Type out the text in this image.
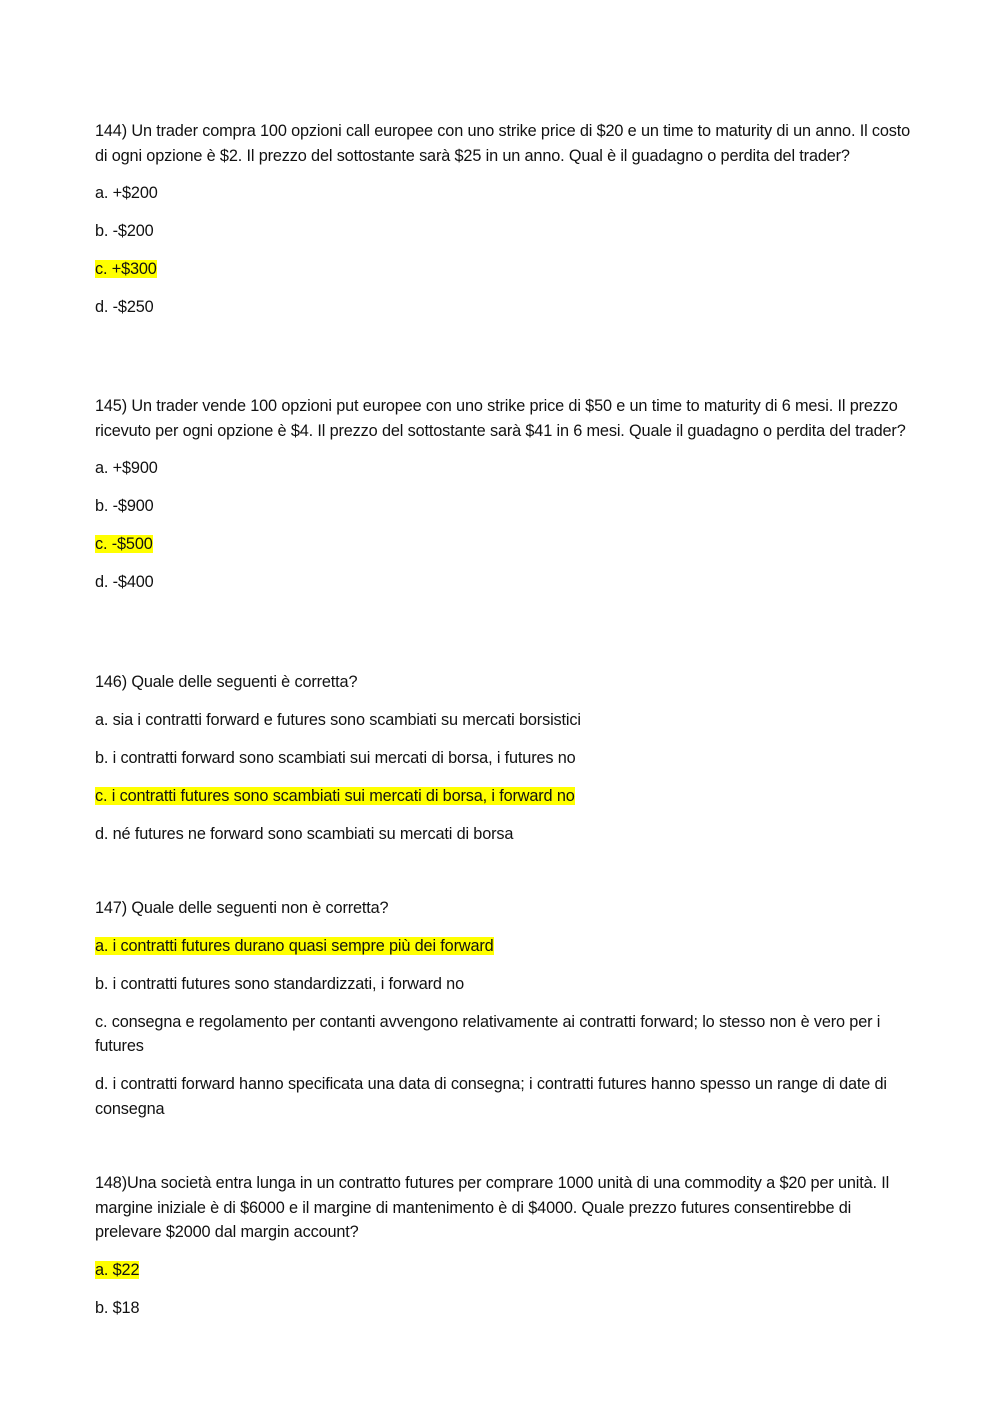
144) Un trader compra 100 opzioni call europee con uno strike price di $20 e un time to maturity di un anno. Il costo di ogni opzione è $2. Il prezzo del sottostante sarà $25 in un anno. Qual è il guadagno o perdita del trader?

a. +$200

b. -$200

c. +$300

d. -$250

145) Un trader vende 100 opzioni put europee con uno strike price di $50 e un time to maturity di 6 mesi. Il prezzo ricevuto per ogni opzione è $4. Il prezzo del sottostante sarà $41 in 6 mesi. Quale il guadagno o perdita del trader?

a. +$900

b. -$900

c. -$500

d. -$400

146) Quale delle seguenti è corretta?

a. sia i contratti forward e futures sono scambiati su mercati borsistici

b. i contratti forward sono scambiati sui mercati di borsa, i futures no

c. i contratti futures sono scambiati sui mercati di borsa, i forward no

d. né futures ne forward sono scambiati su mercati di borsa

147) Quale delle seguenti non è corretta?

a. i contratti futures durano quasi sempre più dei forward

b. i contratti futures sono standardizzati, i forward no

c. consegna e regolamento per contanti avvengono relativamente ai contratti forward; lo stesso non è vero per i futures

d. i contratti forward hanno specificata una data di consegna; i contratti futures hanno spesso un range di date di consegna

148)Una società entra lunga in un contratto futures per comprare 1000 unità di una commodity a $20 per unità. Il margine iniziale è di $6000 e il margine di mantenimento è di $4000. Quale prezzo futures consentirebbe di prelevare $2000 dal margin account?

a. $22

b. $18
